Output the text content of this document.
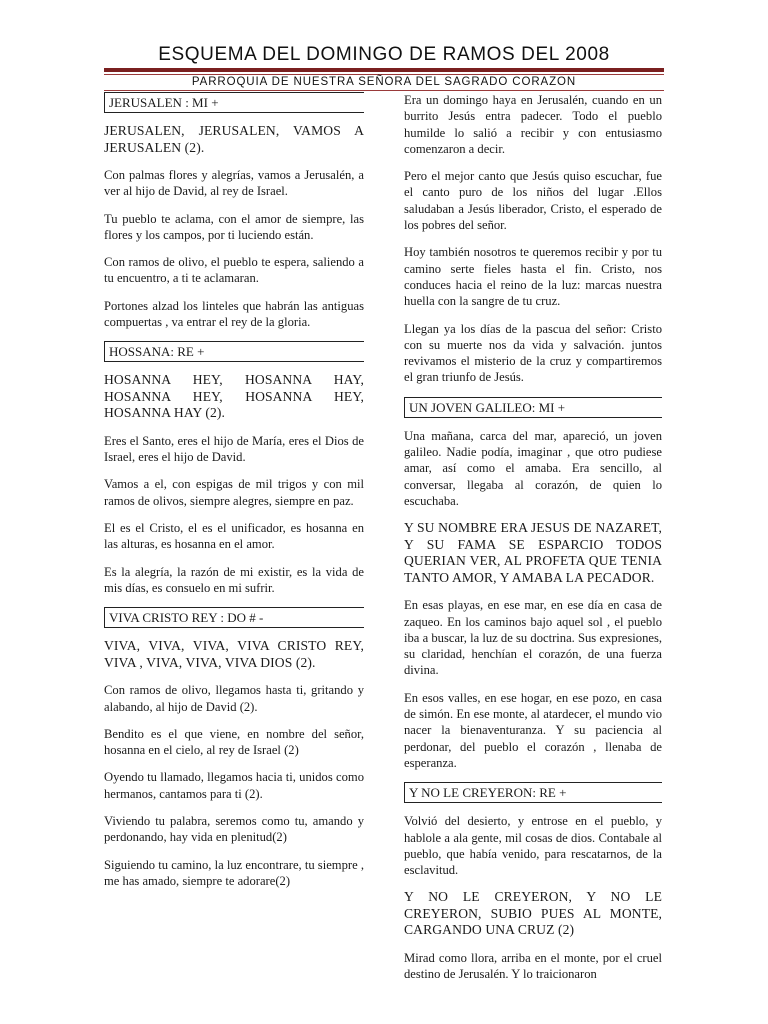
ESQUEMA DEL DOMINGO DE RAMOS DEL 2008
PARROQUIA DE NUESTRA SEÑORA DEL SAGRADO CORAZON
JERUSALEN : MI +

JERUSALEN, JERUSALEN, VAMOS A JERUSALEN (2).

Con palmas flores y alegrías, vamos a Jerusalén, a ver al hijo de David, al rey de Israel.

Tu pueblo te aclama, con el amor de siempre, las flores y los campos, por ti luciendo están.

Con ramos de olivo, el pueblo te espera, saliendo a tu encuentro, a ti te aclamaran.

Portones alzad los linteles que habrán las antiguas compuertas , va entrar el rey de la gloria.

HOSSANA: RE +

HOSANNA HEY, HOSANNA HAY, HOSANNA HEY, HOSANNA HEY, HOSANNA HAY (2).

Eres el Santo, eres el hijo de María, eres el Dios de Israel, eres el hijo de David.

Vamos a el, con espigas de mil trigos y con mil ramos de olivos, siempre alegres, siempre en paz.

El es el Cristo, el es el unificador, es hosanna en las alturas, es hosanna en el amor.

Es la alegría, la razón de mi existir, es la vida de mis días, es consuelo en mi sufrir.

VIVA CRISTO REY : DO # -

VIVA, VIVA, VIVA, VIVA CRISTO REY, VIVA , VIVA, VIVA, VIVA DIOS (2).

Con ramos de olivo, llegamos hasta ti, gritando y alabando, al hijo de David (2).

Bendito es el que viene, en nombre del señor, hosanna en el cielo, al rey de Israel (2)

Oyendo tu llamado, llegamos hacia ti, unidos como hermanos, cantamos para ti (2).

Viviendo tu palabra, seremos como tu, amando y perdonando, hay vida en plenitud(2)

Siguiendo tu camino, la luz encontrare, tu siempre , me has amado, siempre te adorare(2)

Era un domingo haya en Jerusalén, cuando en un burrito Jesús entra padecer. Todo el pueblo humilde lo salió a recibir y con entusiasmo comenzaron a decir.

Pero el mejor canto que Jesús quiso escuchar, fue el canto puro de los niños del lugar .Ellos saludaban a Jesús liberador, Cristo, el esperado de los pobres del señor.

Hoy también nosotros te queremos recibir y por tu camino serte fieles hasta el fin. Cristo, nos conduces hacia el reino de la luz: marcas nuestra huella con la sangre de tu cruz.

Llegan ya los días de la pascua del señor: Cristo con su muerte nos da vida y salvación. juntos revivamos el misterio de la cruz y compartiremos el gran triunfo de Jesús.

UN JOVEN GALILEO: MI +

Una mañana, carca del mar, apareció, un joven galileo. Nadie podía, imaginar , que otro pudiese amar, así como el amaba. Era sencillo, al conversar, llegaba al corazón, de quien lo escuchaba.

Y SU NOMBRE ERA JESUS DE NAZARET, Y SU FAMA SE ESPARCIO TODOS QUERIAN VER, AL PROFETA QUE TENIA TANTO AMOR, Y AMABA LA PECADOR.

En esas playas, en ese mar, en ese día en casa de zaqueo. En los caminos bajo aquel sol , el pueblo iba a buscar, la luz de su doctrina. Sus expresiones, su claridad, henchían el corazón, de una fuerza divina.

En esos valles, en ese hogar, en ese pozo, en casa de simón. En ese monte, al atardecer, el mundo vio nacer la bienaventuranza. Y su paciencia al perdonar, del pueblo el corazón , llenaba de esperanza.

Y NO LE CREYERON: RE +

Volvió del desierto, y entrose en el pueblo, y hablole a ala gente, mil cosas de dios. Contabale al pueblo, que había venido, para rescatarnos, de la esclavitud.

Y NO LE CREYERON, Y NO LE CREYERON, SUBIO PUES AL MONTE, CARGANDO UNA CRUZ (2)

Mirad como llora, arriba en el monte, por el cruel destino de Jerusalén. Y lo traicionaron
